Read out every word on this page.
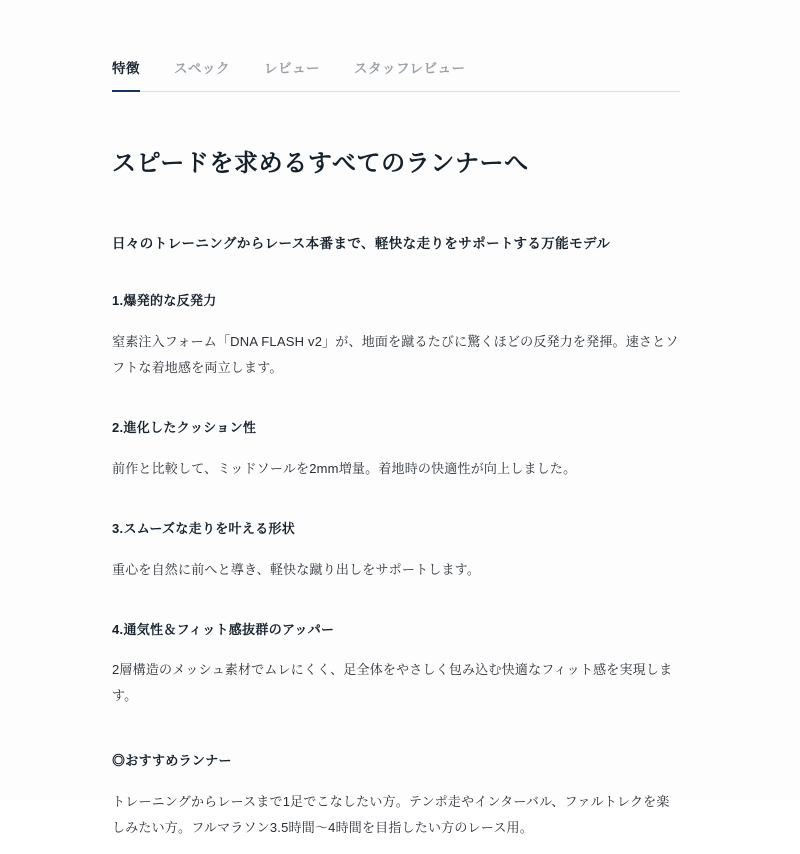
特徴	スペック	レビュー	スタッフレビュー
スピードを求めるすべてのランナーへ

日々のトレーニングからレース本番まで、軽快な走りをサポートする万能モデル

1.爆発的な反発力

窒素注入フォーム「DNA FLASH v2」が、地面を蹴るたびに驚くほどの反発力を発揮。速さとソフトな着地感を両立します。

2.進化したクッション性

前作と比較して、ミッドソールを2mm増量。着地時の快適性が向上しました。

3.スムーズな走りを叶える形状

重心を自然に前へと導き、軽快な蹴り出しをサポートします。

4.通気性＆フィット感抜群のアッパー

2層構造のメッシュ素材でムレにくく、足全体をやさしく包み込む快適なフィット感を実現します。

◎おすすめランナー

トレーニングからレースまで1足でこなしたい方。テンポ走やインターバル、ファルトレクを楽しみたい方。フルマラソン3.5時間〜4時間を目指したい方のレース用。
